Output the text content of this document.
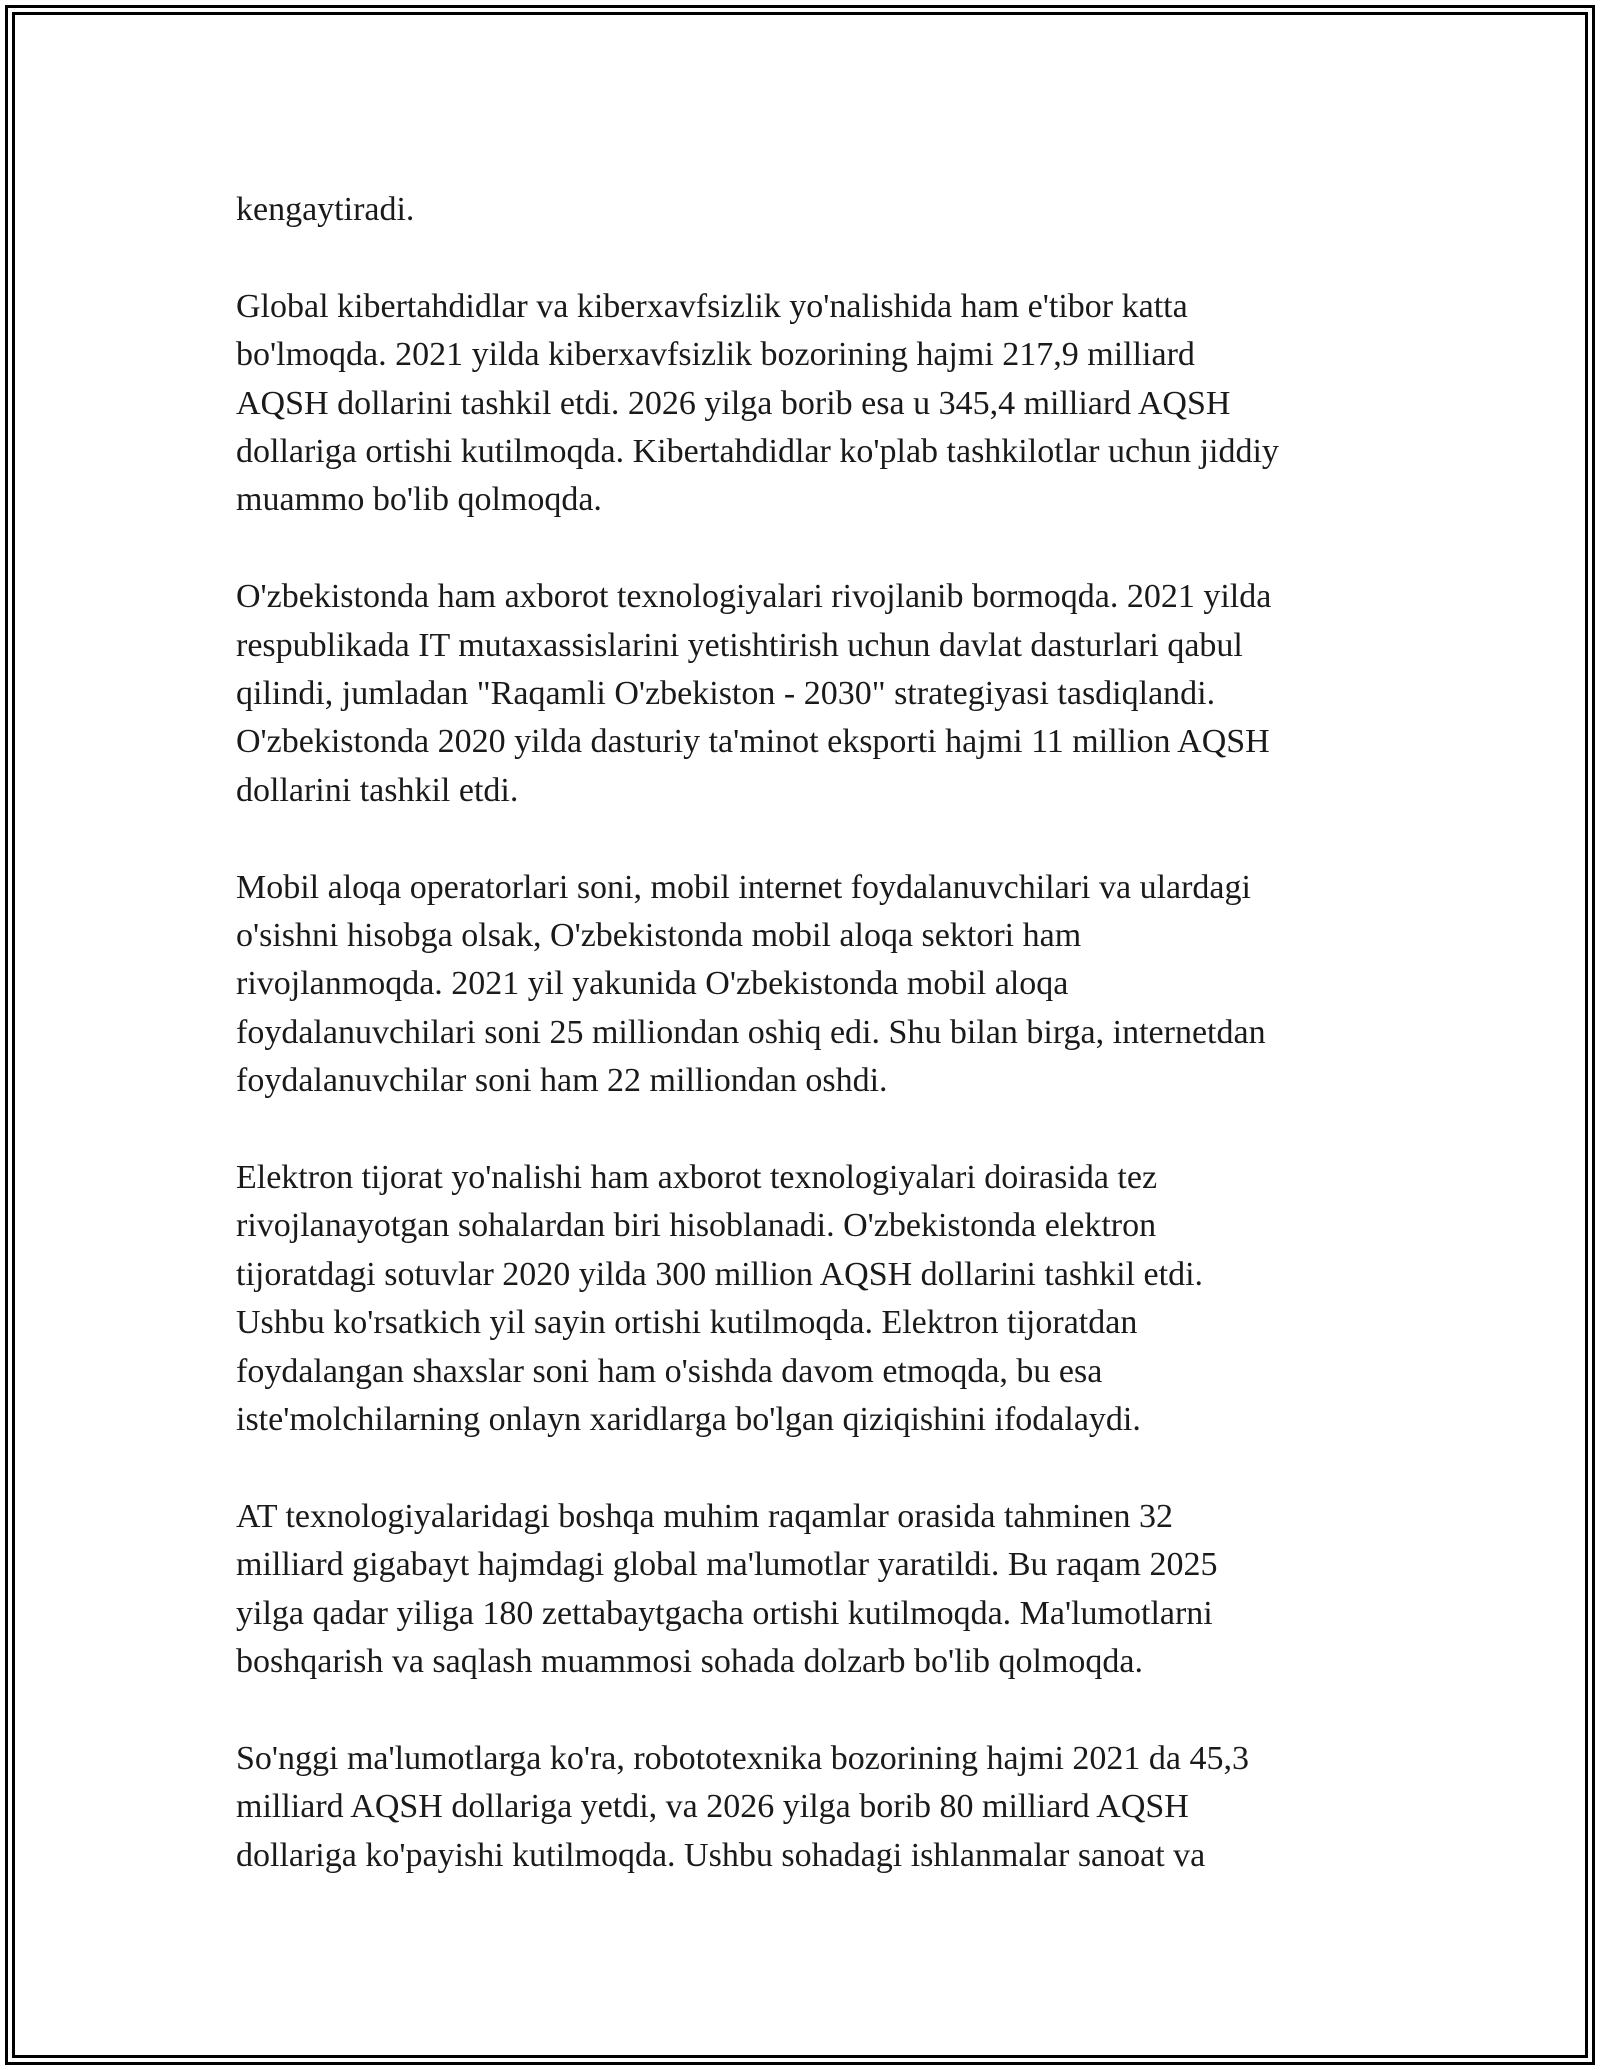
kengaytiradi.

Global kibertahdidlar va kiberxavfsizlik yo'nalishida ham e'tibor katta
bo'lmoqda. 2021 yilda kiberxavfsizlik bozorining hajmi 217,9 milliard
AQSH dollarini tashkil etdi. 2026 yilga borib esa u 345,4 milliard AQSH
dollariga ortishi kutilmoqda. Kibertahdidlar ko'plab tashkilotlar uchun jiddiy
muammo bo'lib qolmoqda.

O'zbekistonda ham axborot texnologiyalari rivojlanib bormoqda. 2021 yilda
respublikada IT mutaxassislarini yetishtirish uchun davlat dasturlari qabul
qilindi, jumladan "Raqamli O'zbekiston - 2030" strategiyasi tasdiqlandi.
O'zbekistonda 2020 yilda dasturiy ta'minot eksporti hajmi 11 million AQSH
dollarini tashkil etdi.

Mobil aloqa operatorlari soni, mobil internet foydalanuvchilari va ulardagi
o'sishni hisobga olsak, O'zbekistonda mobil aloqa sektori ham
rivojlanmoqda. 2021 yil yakunida O'zbekistonda mobil aloqa
foydalanuvchilari soni 25 milliondan oshiq edi. Shu bilan birga, internetdan
foydalanuvchilar soni ham 22 milliondan oshdi.

Elektron tijorat yo'nalishi ham axborot texnologiyalari doirasida tez
rivojlanayotgan sohalardan biri hisoblanadi. O'zbekistonda elektron
tijoratdagi sotuvlar 2020 yilda 300 million AQSH dollarini tashkil etdi.
Ushbu ko'rsatkich yil sayin ortishi kutilmoqda. Elektron tijoratdan
foydalangan shaxslar soni ham o'sishda davom etmoqda, bu esa
iste'molchilarning onlayn xaridlarga bo'lgan qiziqishini ifodalaydi.

AT texnologiyalaridagi boshqa muhim raqamlar orasida tahminen 32
milliard gigabayt hajmdagi global ma'lumotlar yaratildi. Bu raqam 2025
yilga qadar yiliga 180 zettabaytgacha ortishi kutilmoqda. Ma'lumotlarni
boshqarish va saqlash muammosi sohada dolzarb bo'lib qolmoqda.

So'nggi ma'lumotlarga ko'ra, robototexnika bozorining hajmi 2021 da 45,3
milliard AQSH dollariga yetdi, va 2026 yilga borib 80 milliard AQSH
dollariga ko'payishi kutilmoqda. Ushbu sohadagi ishlanmalar sanoat va
